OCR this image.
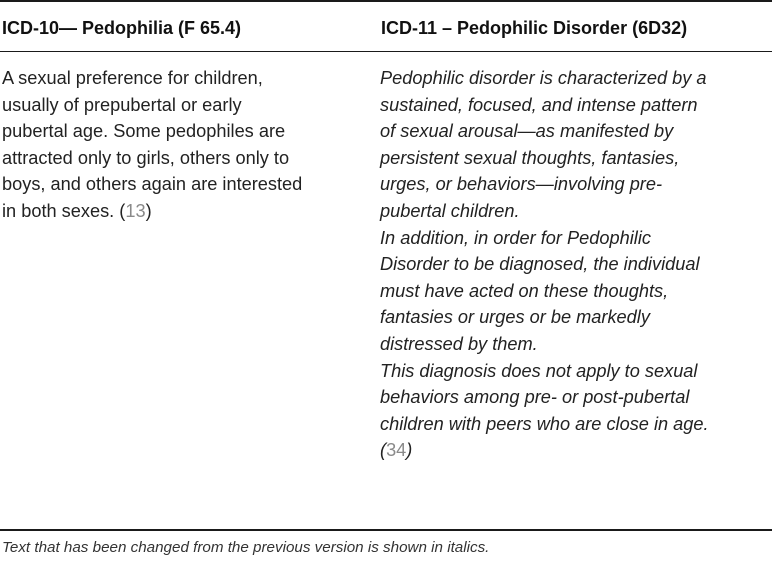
ICD-10— Pedophilia (F 65.4)	ICD-11 – Pedophilic Disorder (6D32)
A sexual preference for children,
usually of prepubertal or early
pubertal age. Some pedophiles are
attracted only to girls, others only to
boys, and others again are interested
in both sexes. (13)
Pedophilic disorder is characterized by a
sustained, focused, and intense pattern
of sexual arousal—as manifested by
persistent sexual thoughts, fantasies,
urges, or behaviors—involving pre-
pubertal children.
In addition, in order for Pedophilic
Disorder to be diagnosed, the individual
must have acted on these thoughts,
fantasies or urges or be markedly
distressed by them.
This diagnosis does not apply to sexual
behaviors among pre- or post-pubertal
children with peers who are close in age.
(34)
Text that has been changed from the previous version is shown in italics.
